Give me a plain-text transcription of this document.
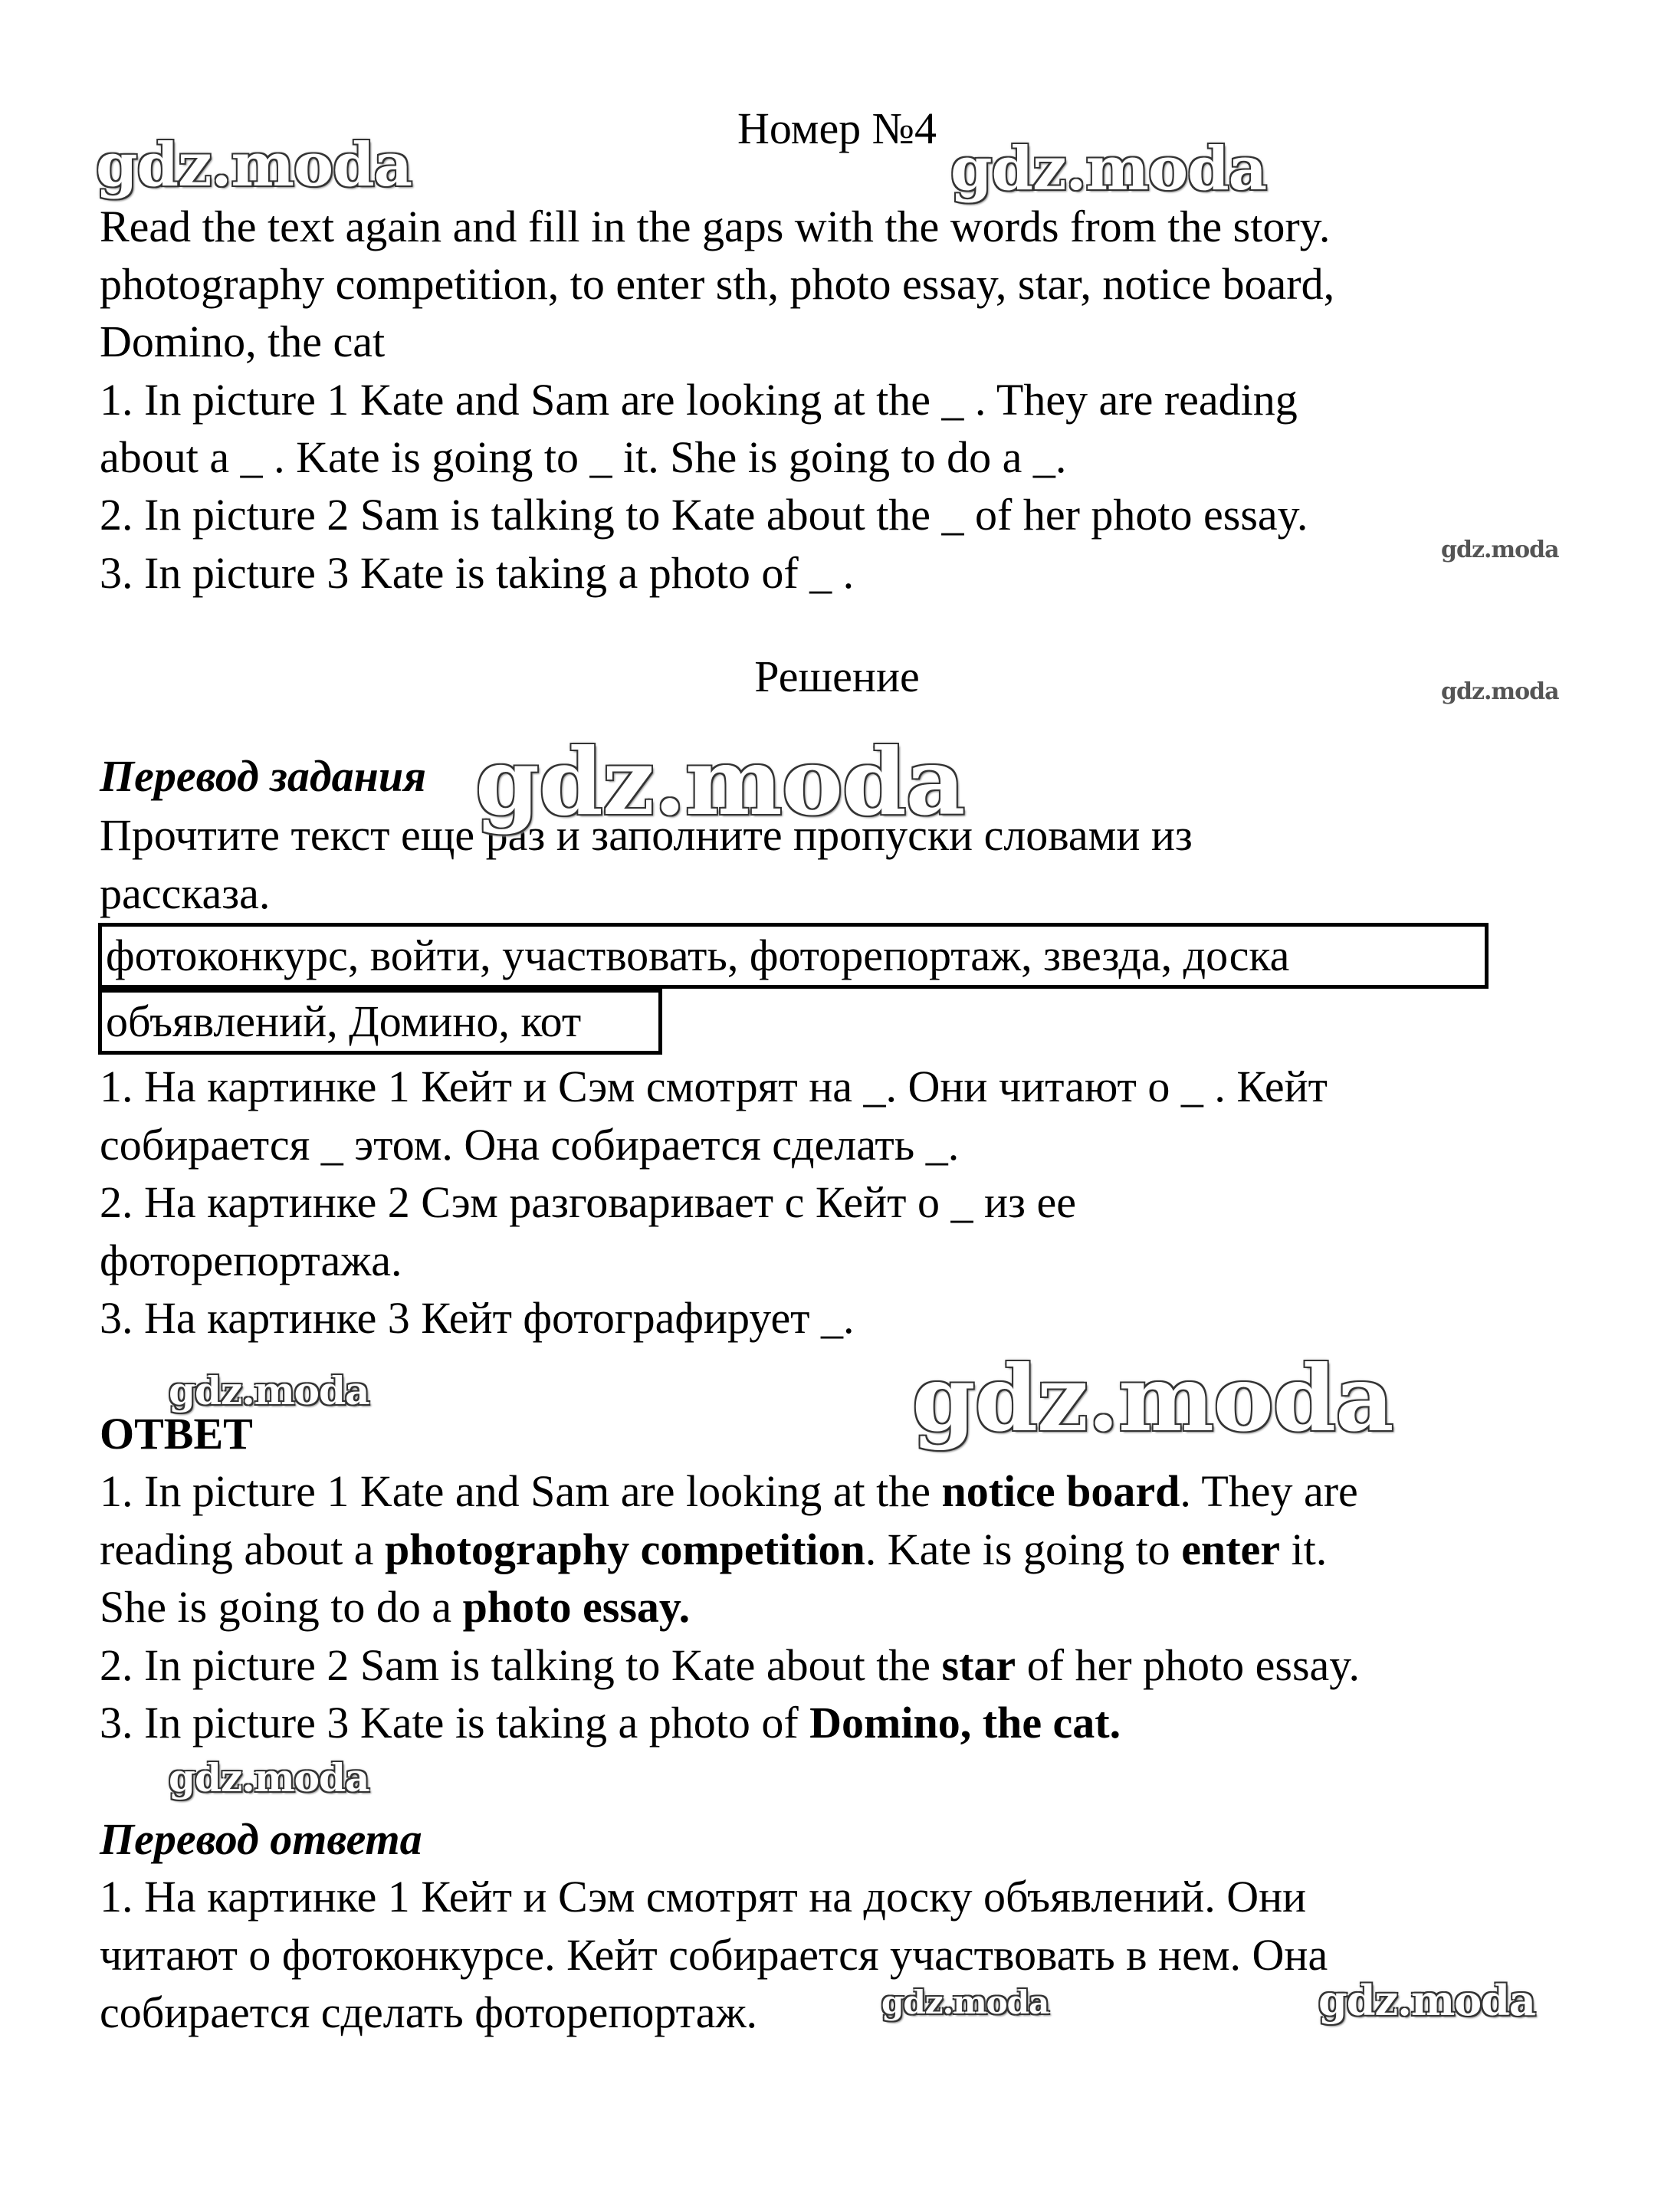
Номер №4

Read the text again and fill in the gaps with the words from the story.

photography competition, to enter sth, photo essay, star, notice board,

Domino, the cat

1. In picture 1 Kate and Sam are looking at the _ . They are reading

about a _ . Kate is going to _ it. She is going to do a _.

2. In picture 2 Sam is talking to Kate about the _ of her photo essay.

3. In picture 3 Kate is taking a photo of _ .

Решение

Перевод задания

Прочтите текст еще раз и заполните пропуски словами из

рассказа.

фотоконкурс, войти, участвовать, фоторепортаж, звезда, доска

объявлений, Домино, кот

1. На картинке 1 Кейт и Сэм смотрят на _. Они читают о _ . Кейт

собирается _ этом. Она собирается сделать _.

2. На картинке 2 Сэм разговаривает с Кейт о _ из ее

фоторепортажа.

3. На картинке 3 Кейт фотографирует _.

ОТВЕТ

1. In picture 1 Kate and Sam are looking at the notice board. They are

reading about a photography competition. Kate is going to enter it.

She is going to do a photo essay.

2. In picture 2 Sam is talking to Kate about the star of her photo essay.

3. In picture 3 Kate is taking a photo of Domino, the cat.

Перевод ответа

1. На картинке 1 Кейт и Сэм смотрят на доску объявлений. Они

читают о фотоконкурсе. Кейт собирается участвовать в нем. Она

собирается сделать фоторепортаж.

gdz.moda	gdz.moda
gdz.moda
gdz.moda
gdz.moda
gdz.moda
gdz.moda
gdz.moda
gdz.moda	gdz.moda
